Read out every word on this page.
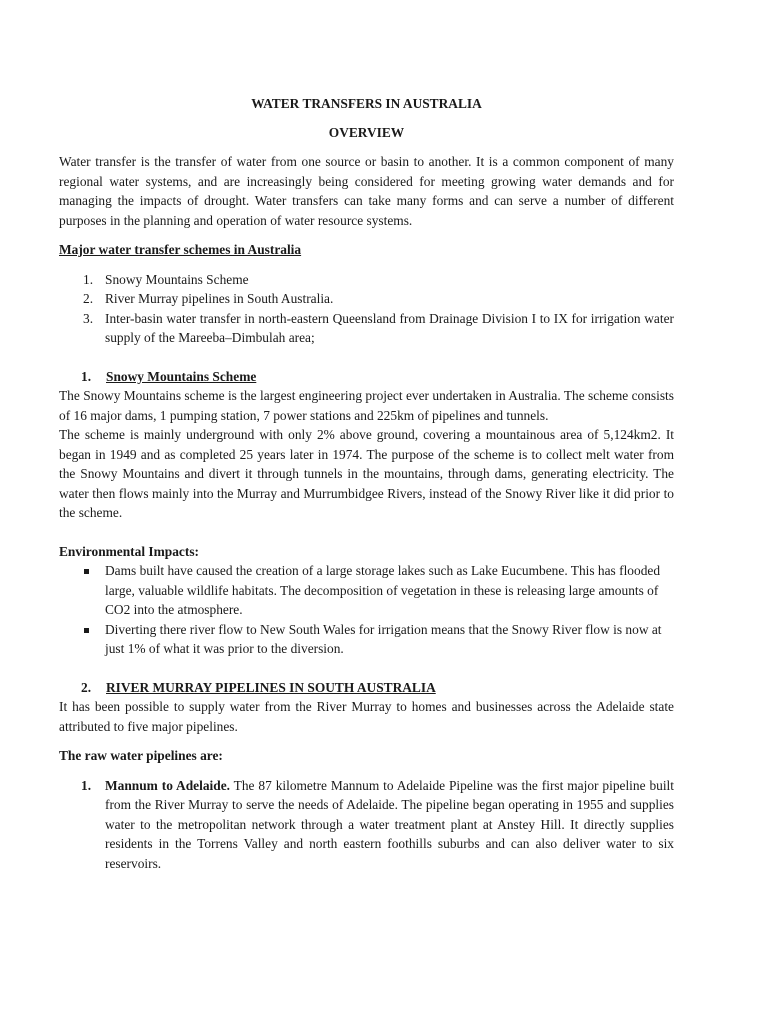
WATER TRANSFERS IN AUSTRALIA

OVERVIEW

Water transfer is the transfer of water from one source or basin to another. It is a common component of many regional water systems, and are increasingly being considered for meeting growing water demands and for managing the impacts of drought. Water transfers can take many forms and can serve a number of different purposes in the planning and operation of water resource systems.

Major water transfer schemes in Australia

1. Snowy Mountains Scheme
2. River Murray pipelines in South Australia.
3. Inter-basin water transfer in north-eastern Queensland from Drainage Division I to IX for irrigation water supply of the Mareeba–Dimbulah area;

1. Snowy Mountains Scheme

The Snowy Mountains scheme is the largest engineering project ever undertaken in Australia. The scheme consists of 16 major dams, 1 pumping station, 7 power stations and 225km of pipelines and tunnels.

The scheme is mainly underground with only 2% above ground, covering a mountainous area of 5,124km2. It began in 1949 and as completed 25 years later in 1974. The purpose of the scheme is to collect melt water from the Snowy Mountains and divert it through tunnels in the mountains, through dams, generating electricity. The water then flows mainly into the Murray and Murrumbidgee Rivers, instead of the Snowy River like it did prior to the scheme.

Environmental Impacts:

Dams built have caused the creation of a large storage lakes such as Lake Eucumbene. This has flooded large, valuable wildlife habitats. The decomposition of vegetation in these is releasing large amounts of CO2 into the atmosphere.
Diverting there river flow to New South Wales for irrigation means that the Snowy River flow is now at just 1% of what it was prior to the diversion.

2. RIVER MURRAY PIPELINES IN SOUTH AUSTRALIA

It has been possible to supply water from the River Murray to homes and businesses across the Adelaide state attributed to five major pipelines.

The raw water pipelines are:

1. Mannum to Adelaide. The 87 kilometre Mannum to Adelaide Pipeline was the first major pipeline built from the River Murray to serve the needs of Adelaide. The pipeline began operating in 1955 and supplies water to the metropolitan network through a water treatment plant at Anstey Hill. It directly supplies residents in the Torrens Valley and north eastern foothills suburbs and can also deliver water to six reservoirs.
